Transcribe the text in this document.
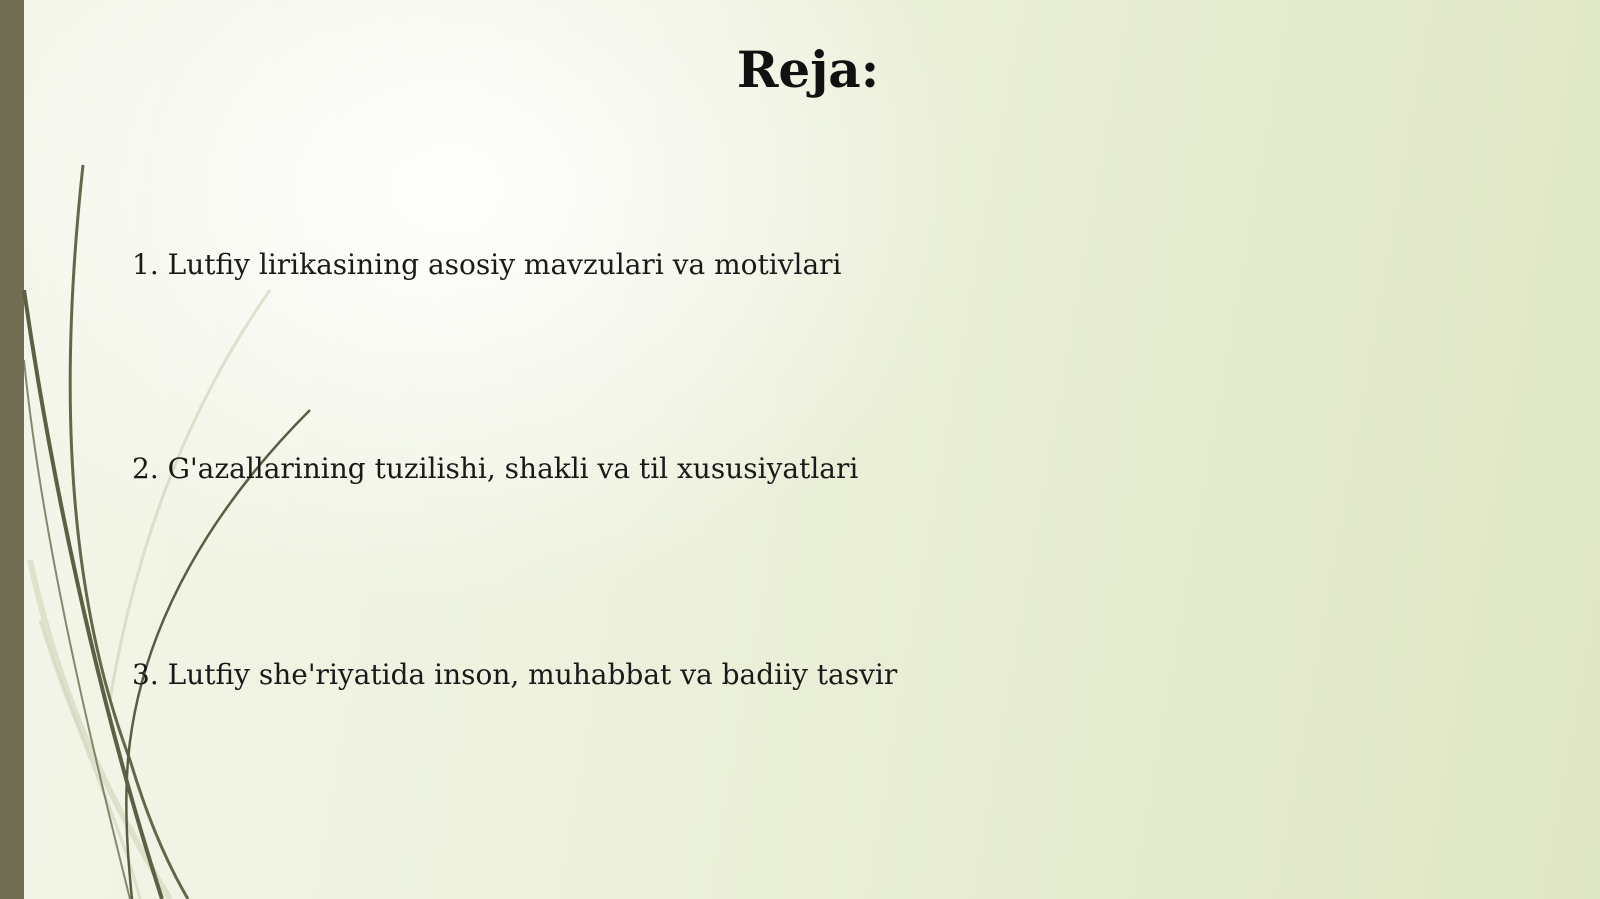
Reja:
1. Lutfiy lirikasining asosiy mavzulari va motivlari
2. G'azallarining tuzilishi, shakli va til xususiyatlari
3. Lutfiy she'riyatida inson, muhabbat va badiiy tasvir
